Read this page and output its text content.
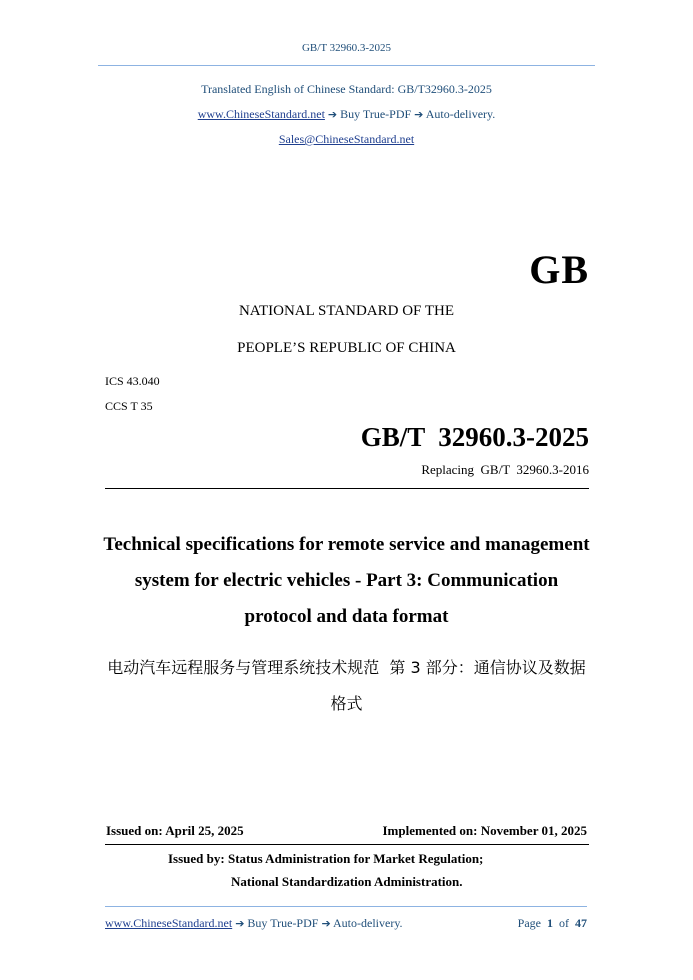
GB/T 32960.3-2025
Translated English of Chinese Standard: GB/T32960.3-2025
www.ChineseStandard.net ➔ Buy True-PDF ➔ Auto-delivery.
Sales@ChineseStandard.net
GB
NATIONAL STANDARD OF THE
PEOPLE’S REPUBLIC OF CHINA
ICS 43.040
CCS T 35
GB/T  32960.3-2025
Replacing  GB/T  32960.3-2016
Technical specifications for remote service and management
system for electric vehicles - Part 3: Communication
protocol and data format
电动汽车远程服务与管理系统技术规范  第 3 部分：通信协议及数据
格式
Issued on: April 25, 2025	Implemented on: November 01, 2025
Issued by: Status Administration for Market Regulation;
National Standardization Administration.
www.ChineseStandard.net ➔ Buy True-PDF ➔ Auto-delivery.	Page 1 of 47
